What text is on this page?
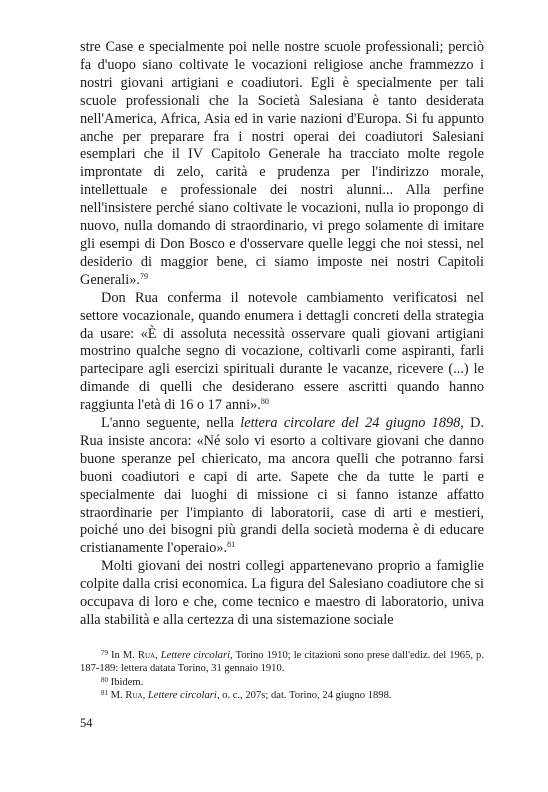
stre Case e specialmente poi nelle nostre scuole professionali; perciò fa d'uopo siano coltivate le vocazioni religiose anche frammezzo i nostri giovani artigiani e coadiutori. Egli è specialmente per tali scuole professionali che la Società Salesiana è tanto desiderata nell'America, Africa, Asia ed in varie nazioni d'Europa. Si fu appunto anche per preparare fra i nostri operai dei coadiutori Salesiani esemplari che il IV Capitolo Generale ha tracciato molte regole improntate di zelo, carità e prudenza per l'indirizzo morale, intellettuale e professionale dei nostri alunni... Alla perfine nell'insistere perché siano coltivate le vocazioni, nulla io propongo di nuovo, nulla domando di straordinario, vi prego solamente di imitare gli esempi di Don Bosco e d'osservare quelle leggi che noi stessi, nel desiderio di maggior bene, ci siamo imposte nei nostri Capitoli Generali».$^{79}$

Don Rua conferma il notevole cambiamento verificatosi nel settore vocazionale, quando enumera i dettagli concreti della strategia da usare: «È di assoluta necessità osservare quali giovani artigiani mostrino qualche segno di vocazione, coltivarli come aspiranti, farli partecipare agli esercizi spirituali durante le vacanze, ricevere (...) le dimande di quelli che desiderano essere ascritti quando hanno raggiunta l'età di 16 o 17 anni».$^{80}$

L'anno seguente, nella lettera circolare del 24 giugno 1898, D. Rua insiste ancora: «Né solo vi esorto a coltivare giovani che danno buone speranze pel chiericato, ma ancora quelli che potranno farsi buoni coadiutori e capi di arte. Sapete che da tutte le parti e specialmente dai luoghi di missione ci si fanno istanze affatto straordinarie per l'impianto di laboratorii, case di arti e mestieri, poiché uno dei bisogni più grandi della società moderna è di educare cristianamente l'operaio».$^{81}$

Molti giovani dei nostri collegi appartenevano proprio a famiglie colpite dalla crisi economica. La figura del Salesiano coadiutore che si occupava di loro e che, come tecnico e maestro di laboratorio, univa alla stabilità e alla certezza di una sistemazione sociale

$^{79}$ In M. Rua, Lettere circolari, Torino 1910; le citazioni sono prese dall'ediz. del 1965, p. 187-189: lettera datata Torino, 31 gennaio 1910.

$^{80}$ Ibidem.

$^{81}$ M. Rua, Lettere circolari, o. c., 207s; dat. Torino, 24 giugno 1898.

54
